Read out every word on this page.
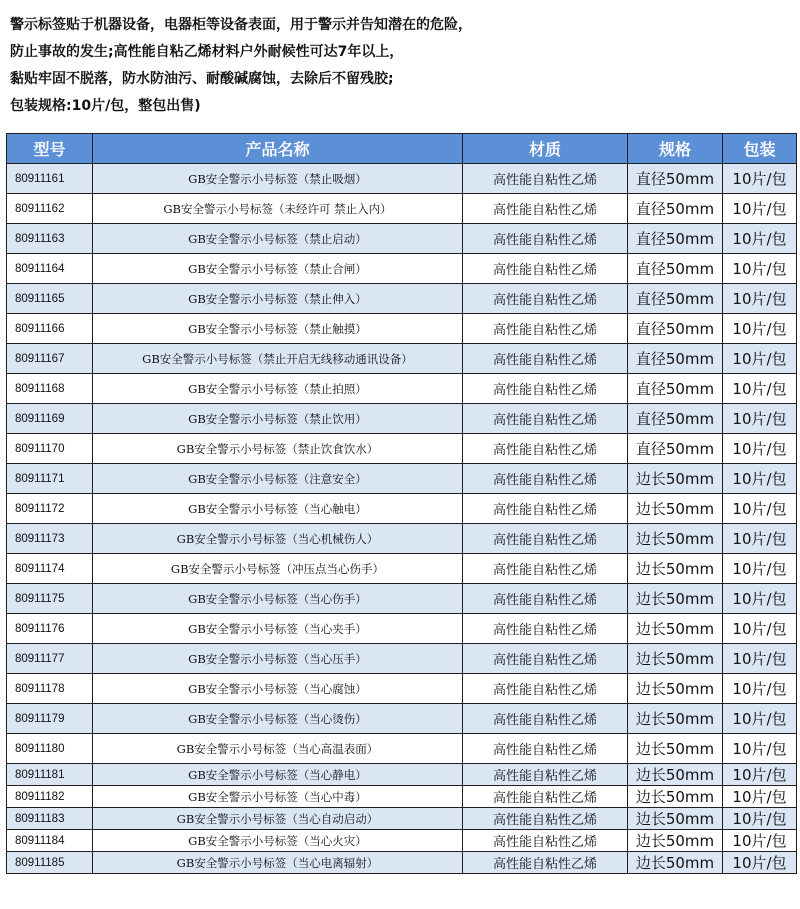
警示标签贴于机器设备，电器柜等设备表面，用于警示并告知潜在的危险，
防止事故的发生;高性能自粘乙烯材料户外耐候性可达7年以上，
黏贴牢固不脱落，防水防油污、耐酸碱腐蚀，去除后不留残胶;
包装规格:10片/包，整包出售)
型号	产品名称	材质	规格	包装
80911161	GB安全警示小号标签（禁止吸烟）	高性能自粘性乙烯	直径50mm	10片/包
80911162	GB安全警示小号标签（未经许可 禁止入内）	高性能自粘性乙烯	直径50mm	10片/包
80911163	GB安全警示小号标签（禁止启动）	高性能自粘性乙烯	直径50mm	10片/包
80911164	GB安全警示小号标签（禁止合闸）	高性能自粘性乙烯	直径50mm	10片/包
80911165	GB安全警示小号标签（禁止伸入）	高性能自粘性乙烯	直径50mm	10片/包
80911166	GB安全警示小号标签（禁止触摸）	高性能自粘性乙烯	直径50mm	10片/包
80911167	GB安全警示小号标签（禁止开启无线移动通讯设备）	高性能自粘性乙烯	直径50mm	10片/包
80911168	GB安全警示小号标签（禁止拍照）	高性能自粘性乙烯	直径50mm	10片/包
80911169	GB安全警示小号标签（禁止饮用）	高性能自粘性乙烯	直径50mm	10片/包
80911170	GB安全警示小号标签（禁止饮食饮水）	高性能自粘性乙烯	直径50mm	10片/包
80911171	GB安全警示小号标签（注意安全）	高性能自粘性乙烯	边长50mm	10片/包
80911172	GB安全警示小号标签（当心触电）	高性能自粘性乙烯	边长50mm	10片/包
80911173	GB安全警示小号标签（当心机械伤人）	高性能自粘性乙烯	边长50mm	10片/包
80911174	GB安全警示小号标签（冲压点当心伤手）	高性能自粘性乙烯	边长50mm	10片/包
80911175	GB安全警示小号标签（当心伤手）	高性能自粘性乙烯	边长50mm	10片/包
80911176	GB安全警示小号标签（当心夹手）	高性能自粘性乙烯	边长50mm	10片/包
80911177	GB安全警示小号标签（当心压手）	高性能自粘性乙烯	边长50mm	10片/包
80911178	GB安全警示小号标签（当心腐蚀）	高性能自粘性乙烯	边长50mm	10片/包
80911179	GB安全警示小号标签（当心烫伤）	高性能自粘性乙烯	边长50mm	10片/包
80911180	GB安全警示小号标签（当心高温表面）	高性能自粘性乙烯	边长50mm	10片/包
80911181	GB安全警示小号标签（当心静电）	高性能自粘性乙烯	边长50mm	10片/包
80911182	GB安全警示小号标签（当心中毒）	高性能自粘性乙烯	边长50mm	10片/包
80911183	GB安全警示小号标签（当心自动启动）	高性能自粘性乙烯	边长50mm	10片/包
80911184	GB安全警示小号标签（当心火灾）	高性能自粘性乙烯	边长50mm	10片/包
80911185	GB安全警示小号标签（当心电离辐射）	高性能自粘性乙烯	边长50mm	10片/包
